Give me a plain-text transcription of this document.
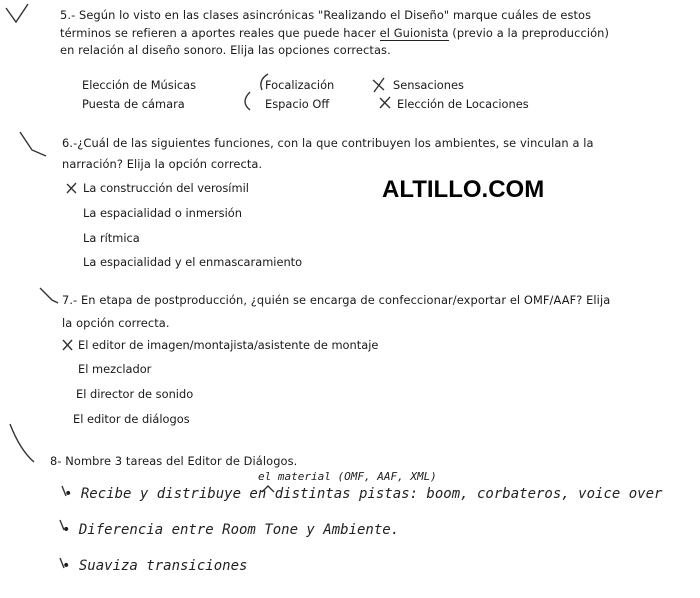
5.- Según lo visto en las clases asincrónicas "Realizando el Diseño" marque cuáles de estos
términos se refieren a aportes reales que puede hacer el Guionista (previo a la preproducción)
en relación al diseño sonoro. Elija las opciones correctas.
Elección de Músicas
Puesta de cámara
Focalización
Espacio Off
Sensaciones
Elección de Locaciones
ALTILLO.COM
6.-¿Cuál de las siguientes funciones, con la que contribuyen los ambientes, se vinculan a la
narración? Elija la opción correcta.
La construcción del verosímil
La espacialidad o inmersión
La rítmica
La espacialidad y el enmascaramiento
7.- En etapa de postproducción, ¿quién se encarga de confeccionar/exportar el OMF/AAF? Elija
la opción correcta.
El editor de imagen/montajista/asistente de montaje
El mezclador
El director de sonido
El editor de diálogos
8- Nombre 3 tareas del Editor de Diálogos.
el material (OMF, AAF, XML)
• Recibe y distribuye en distintas pistas: boom, corbateros, voice over
• Diferencia entre Room Tone y Ambiente.
• Suaviza transiciones
